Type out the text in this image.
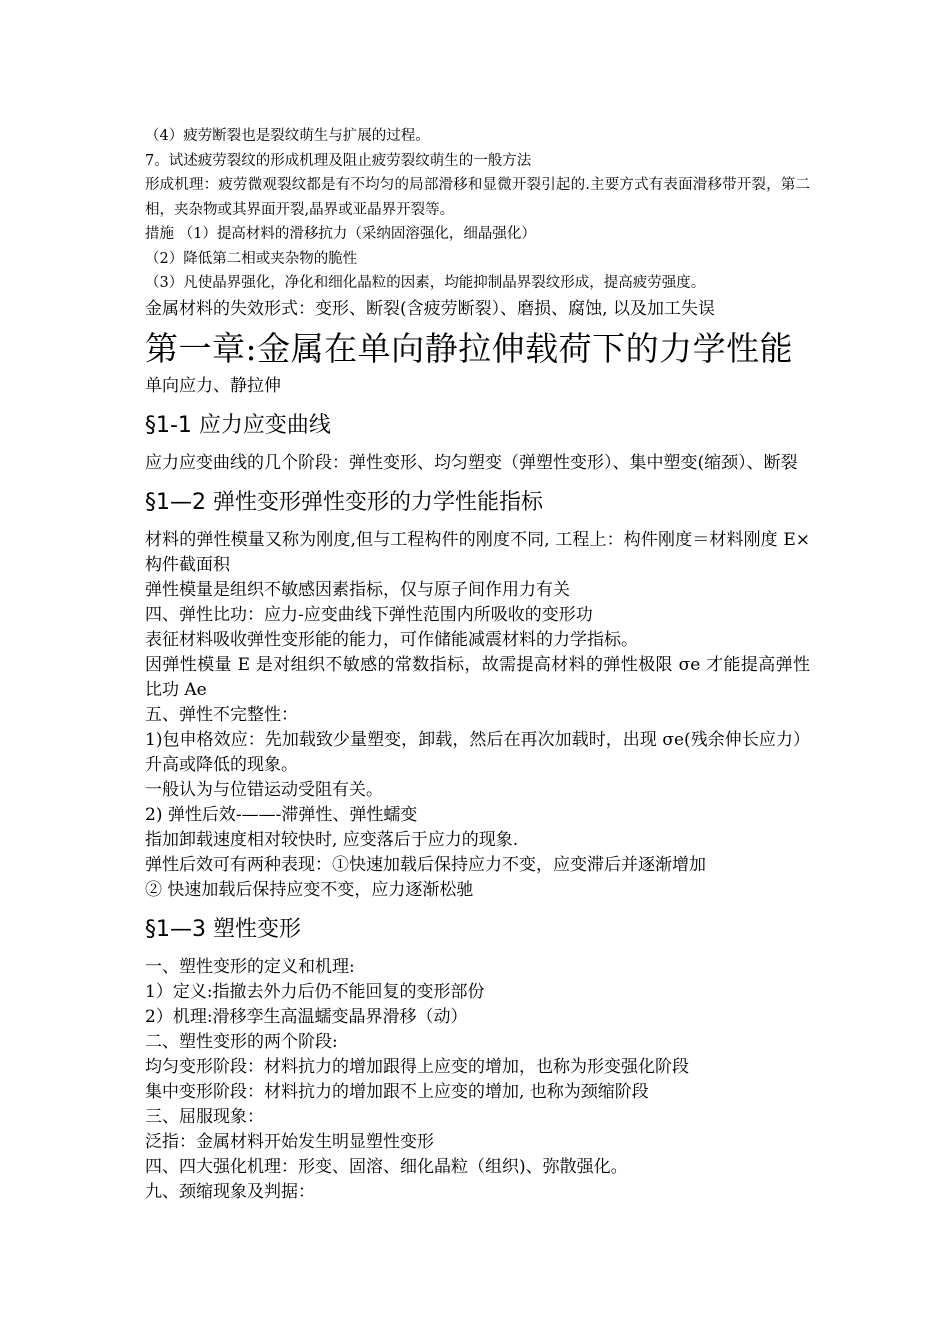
（4）疲劳断裂也是裂纹萌生与扩展的过程。

7。试述疲劳裂纹的形成机理及阻止疲劳裂纹萌生的一般方法

形成机理：疲劳微观裂纹都是有不均匀的局部滑移和显微开裂引起的.主要方式有表面滑移带开裂，第二相，夹杂物或其界面开裂,晶界或亚晶界开裂等。

措施 （1）提高材料的滑移抗力（采纳固溶强化，细晶强化）

（2）降低第二相或夹杂物的脆性

（3）凡使晶界强化，净化和细化晶粒的因素，均能抑制晶界裂纹形成，提高疲劳强度。

金属材料的失效形式：变形、断裂(含疲劳断裂）、磨损、腐蚀, 以及加工失误

第一章:金属在单向静拉伸载荷下的力学性能

单向应力、静拉伸

§1-1 应力应变曲线

应力应变曲线的几个阶段：弹性变形、均匀塑变（弹塑性变形）、集中塑变(缩颈）、断裂

§1—2 弹性变形弹性变形的力学性能指标

材料的弹性模量又称为刚度,但与工程构件的刚度不同, 工程上：构件刚度＝材料刚度 E×构件截面积

弹性模量是组织不敏感因素指标，仅与原子间作用力有关

四、弹性比功：应力-应变曲线下弹性范围内所吸收的变形功

表征材料吸收弹性变形能的能力，可作储能减震材料的力学指标。

因弹性模量 E 是对组织不敏感的常数指标，故需提高材料的弹性极限 σe 才能提高弹性比功 Ae

五、弹性不完整性：

1)包申格效应：先加载致少量塑变，卸载，然后在再次加载时，出现 σe(残余伸长应力）升高或降低的现象。

一般认为与位错运动受阻有关。

2) 弹性后效-——-滞弹性、弹性蠕变

指加卸载速度相对较快时, 应变落后于应力的现象.

弹性后效可有两种表现：①快速加载后保持应力不变，应变滞后并逐渐增加

② 快速加载后保持应变不变，应力逐渐松驰

§1—3 塑性变形

一、塑性变形的定义和机理:

1）定义:指撤去外力后仍不能回复的变形部份

2）机理:滑移孪生高温蠕变晶界滑移（动）

二、塑性变形的两个阶段:

均匀变形阶段：材料抗力的增加跟得上应变的增加，也称为形变强化阶段

集中变形阶段：材料抗力的增加跟不上应变的增加, 也称为颈缩阶段

三、屈服现象：

泛指：金属材料开始发生明显塑性变形

四、四大强化机理：形变、固溶、细化晶粒（组织)、弥散强化。

九、颈缩现象及判据：
